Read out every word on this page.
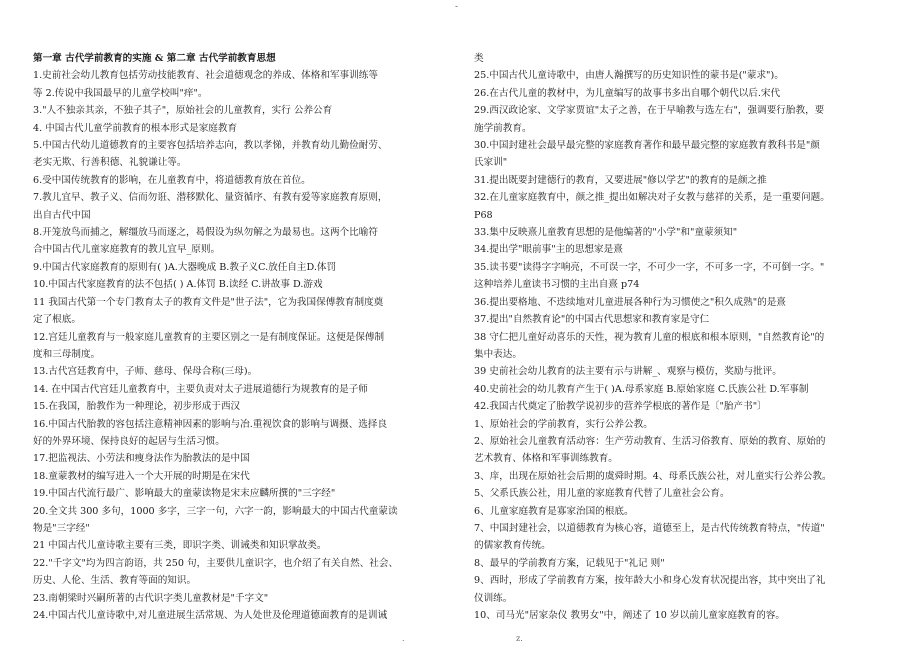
-
第一章 古代学前教育的实施 & 第二章 古代学前教育思想
1.史前社会幼儿教育包括劳动技能教育、社会道德观念的养成、体格和军事训练等
等 2.传说中我国最早的儿童学校叫"痒"。
3."人不独亲其亲，不独子其子"，原始社会的儿童教育，实行 公养公育
4. 中国古代儿童学前教育的根本形式是家庭教育
5.中国古代幼儿道德教育的主要容包括培养志向，教以孝悌，并教育幼儿勤俭耐劳、
老实无欺、行善积德、礼貌谦让等。
6.受中国传统教育的影响，在儿童教育中，将道德教育放在首位。
7.教儿宜早、教子义、信而勿诳、潜移默化、量资循序、有教有爱等家庭教育原则，
出自古代中国
8.开笼放鸟而捕之，解缰放马而逐之，曷假设为纵勿解之为最易也。这两个比喻符
合中国古代儿童家庭教育的教儿宜早_原则。
9.中国古代家庭教育的原则有( )A.大器晚成 B.教子义C.放任自主D.体罚
10.中国古代家庭教育的法不包括( ) A.体罚 B.读经 C.讲故事 D.游戏
11 我国古代第一个专门教育太子的教育文件是"世子法"，它为我国保傅教育制度奠
定了根底。
12.宫廷儿童教育与一般家庭儿童教育的主要区别之一是有制度保证。这便是保傅制
度和三母制度。
13.古代宫廷教育中，子师、慈母、保母合称(三母)。
14. 在中国古代宫廷儿童教育中，主要负责对太子进展道德行为规教育的是子师
15.在我国，胎教作为一种理论，初步形成于西汉
16.中国古代胎教的容包括注意精神因素的影响与冶.重视饮食的影响与调摄、选择良
好的外界环境、保持良好的起居与生活习惯。
17.把监视法、小劳法和瘦身法作为胎教法的是中国
18.童蒙教材的编写进入一个大开展的时期是在宋代
19.中国古代流行最广、影响最大的童蒙读物是宋末应麟所撰的"三字经"
20.全文共 300 多句，1000 多字，三字一句，六字一韵，影响最大的中国古代童蒙读
物是"三字经"
21 中国古代儿童诗歌主要有三类，即识字类、训诫类和知识掌故类。
22."千字文"均为四言韵语，共 250 句，主要供儿童识字，也介绍了有关自然、社会、
历史、人伦、生活、教育等面的知识。
23.南朝梁时兴嗣所著的古代识字类儿童教材是"千字文"
24.中国古代儿童诗歌中,对儿童进展生活常规、为人处世及伦理道德面教育的是训诫
类
25.中国古代儿童诗歌中，由唐人瀚撰写的历史知识性的蒙书是("蒙求")。
26.在古代儿童的教材中，为儿童编写的故事书多出自哪个朝代以后.宋代
29.西汉政论家、文学家贾谊"太子之善，在于早喻教与选左右"，强调要行胎教，要
施学前教育。
30.中国封建社会最早最完整的家庭教育著作和最早最完整的家庭教育教科书是"颜
氏家训"
31.提出既要封建德行的教育，又要进展"修以学艺"的教育的是颜之推
32.在儿童家庭教育中，颜之推_提出如解决对子女教与慈祥的关系，是一重要问题。
P68
33.集中反映熹儿童教育思想的是他编著的"小学"和"童蒙须知"
34.提出学"眼前事"主的思想家是熹
35.读书要"读得字字响亮，不可误一字，不可少一字，不可多一字，不可倒一字。"
这种培养儿童读书习惯的主出自熹 p74
36.提出要格地、不迭续地对儿童进展各种行为习惯使之"积久成熟"的是熹
37.提出"自然教育论"的中国古代思想家和教育家是守仁
38 守仁把儿童好动喜乐的天性，视为教育儿童的根底和根本原则，"自然教育论"的
集中表达。
39 史前社会幼儿教育的法主要有示与讲解_、观察与模仿，奖励与批评。
40.史前社会的幼儿教育产生于( )A.母系家庭 B.原始家庭 C.氏族公社 D.军事制
42.我国古代奠定了胎教学说初步的营养学根底的著作是〔"胎产书"〕
1、原始社会的学前教育，实行公养公教。
2、原始社会儿童教育活动容：生产劳动教育、生活习俗教育、原始的教育、原始的
艺术教育、体格和军事训练教育。
3、庠，出现在原始社会后期的虞舜时期。4、母系氏族公社，对儿童实行公养公教。
5、父系氏族公社，用儿童的家庭教育代替了儿童社会公育。
6、儿童家庭教育是寡家治国的根底。
7、中国封建社会，以道德教育为核心容，道德至上，是古代传统教育特点，"传道"
的儒家教育传统。
8、最早的学前教育方案，记载见于"礼记 则"
9、西时，形成了学前教育方案，按年龄大小和身心发育状况提出容，其中突出了礼
仪训练。
10、司马光"居家杂仪 教男女"中，阐述了 10 岁以前儿童家庭教育的容。
.	z.
